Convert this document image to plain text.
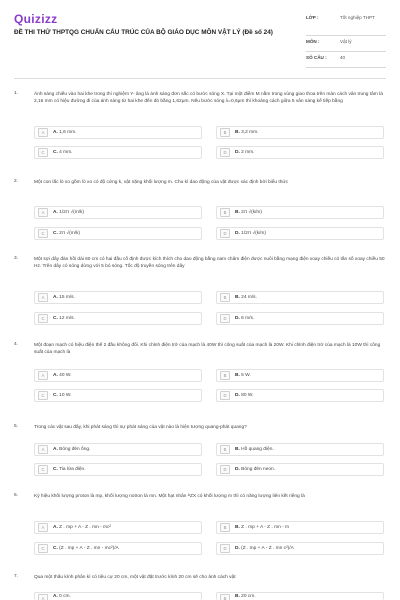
Quizizz
ĐỀ THI THỬ THPTQG CHUẨN CẤU TRÚC CỦA BỘ GIÁO DỤC MÔN VẬT LÝ (Đề số 24)
LỚP :	Tốt nghiệp THPT
MÔN :	Vật lý
SỐ CÂU :	40
1.	Ánh sáng chiếu vào hai khe trong thí nghiệm Y- âng là ánh sáng đơn sắc có bước sóng X. Tại một điểm M nằm trong vùng giao thoa trên màn cách vân trung tâm là 2,16 mm có hiệu đường đi của ánh sáng từ hai khe đến đó bằng 1,62μm. Nếu bước sóng λ=0,6μm thì khoảng cách giữa 5 vân sáng kế tiếp bằng
A	A. 1,6 mm.	B	B. 3,2 mm.
C	C. 4 mm.	D	D. 2 mm.
2.	Một con lắc lò xo gồm lò xo có độ cứng k, vật nặng khối lượng m. Chu kì dao động của vật được xác định bởi biểu thức
A	A. 1/2π √(m/k)	B	B. 2π √(k/m)
C	C. 2π √(m/k)	D	D. 1/2π √(k/m)
3.	Một sợi dây đàn hồi dài 60 cm có hai đầu cố định được kích thích cho dao động bằng nam châm điện được nuôi bằng mạng điện xoay chiều có tần số xoay chiều 50 Hz. Trên dây có sóng dừng với 5 bó sóng. Tốc độ truyền sóng trên dây
A	A. 15 m/s.	B	B. 24 m/s.
C	C. 12 m/s.	D	D. 6 m/s.
4.	Một đoạn mạch có hiệu điện thế 2 đầu không đổi. Khi chỉnh điện trở của mạch là 40W thì công suất của mạch là 20W. Khi chỉnh điện trở của mạch là 10W thì công suất của mạch là
A	A. 40 W.	B	B. 5 W.
C	C. 10 W.	D	D. 80 W.
5.	Trong các vật sau đây, khi phát sáng thì sự phát sáng của vật nào là hiện tượng quang-phát quang?
A	A. Bóng đèn ống.	B	B. Hồ quang điện.
C	C. Tia lửa điện.	D	D. Bóng đèn neon.
6.	Kỳ hiệu khối lượng proton là mp, khối lượng notron là mn. Một hạt nhân ᴬZX có khối lượng m thì có năng lượng liên kết riêng là
A	A. Z . mp + A - Z . mn - mc²	B	B. Z . mp + A - Z . mn - m
C	C. (Z . mp + A - Z . mn - mc²)/A	D	D. (Z . mp + A - Z . mn c²)/A
7.	Qua một thấu kính phân kì có tiêu cự 20 cm, một vật đặt trước kính 20 cm sẽ cho ảnh cách vật
A	A. 0 cm.	B	B. 20 cm.
